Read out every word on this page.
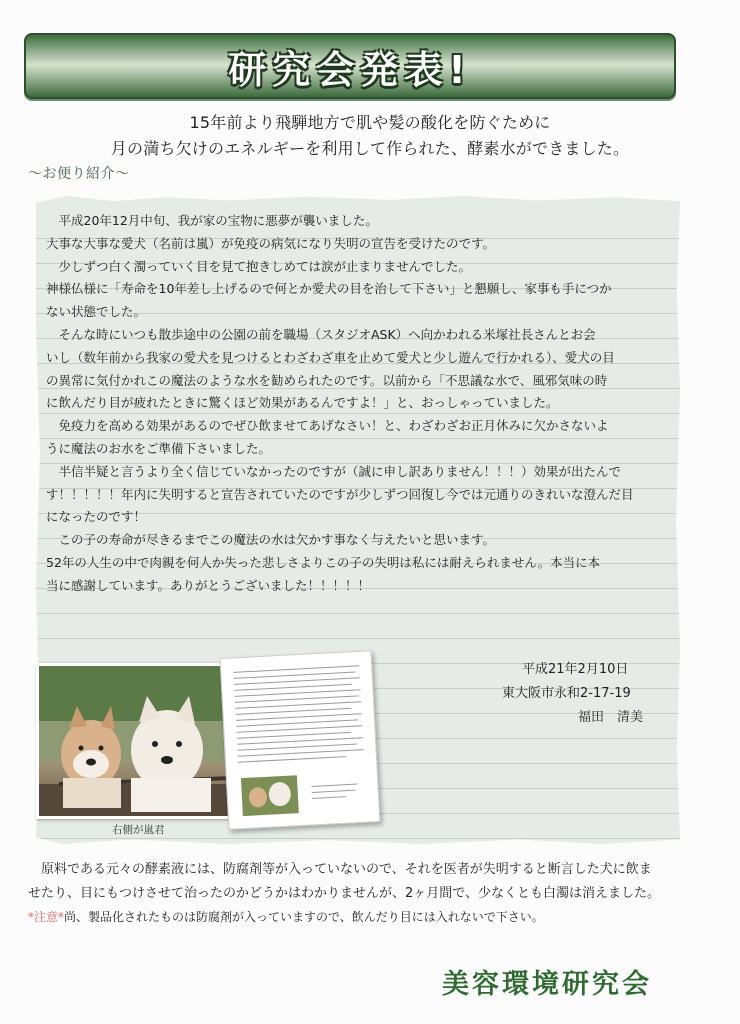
研究会発表!
15年前より飛騨地方で肌や髪の酸化を防ぐために
月の満ち欠けのエネルギーを利用して作られた、酵素水ができました。
〜お便り紹介〜

　平成20年12月中旬、我が家の宝物に悪夢が襲いました。

大事な大事な愛犬（名前は嵐）が免疫の病気になり失明の宣告を受けたのです。

　少しずつ白く濁っていく目を見て抱きしめては涙が止まりませんでした。

神様仏様に「寿命を10年差し上げるので何とか愛犬の目を治して下さい」と懇願し、家事も手につか

ない状態でした。

　そんな時にいつも散歩途中の公園の前を職場（スタジオASK）へ向かわれる米塚社長さんとお会

いし（数年前から我家の愛犬を見つけるとわざわざ車を止めて愛犬と少し遊んで行かれる）、愛犬の目

の異常に気付かれこの魔法のような水を勧められたのです。以前から「不思議な水で、風邪気味の時

に飲んだり目が疲れたときに驚くほど効果があるんですよ！」と、おっしゃっていました。

　免疫力を高める効果があるのでぜひ飲ませてあげなさい！と、わざわざお正月休みに欠かさないよ

うに魔法のお水をご準備下さいました。

　半信半疑と言うより全く信じていなかったのですが（誠に申し訳ありません！！！）効果が出たんで

す！！！！！年内に失明すると宣告されていたのですが少しずつ回復し今では元通りのきれいな澄んだ目

になったのです！

　この子の寿命が尽きるまでこの魔法の水は欠かす事なく与えたいと思います。

52年の人生の中で肉親を何人か失った悲しさよりこの子の失明は私には耐えられません。本当に本

当に感謝しています。ありがとうございました！！！！！

右側が嵐君
平成21年2月10日
東大阪市永和2-17-19
福田　清美

　原料である元々の酵素液には、防腐剤等が入っていないので、それを医者が失明すると断言した犬に飲ま

せたり、目にもつけさせて治ったのかどうかはわかりませんが、2ヶ月間で、少なくとも白濁は消えました。

*注意*尚、製品化されたものは防腐剤が入っていますので、飲んだり目には入れないで下さい。

美容環境研究会
